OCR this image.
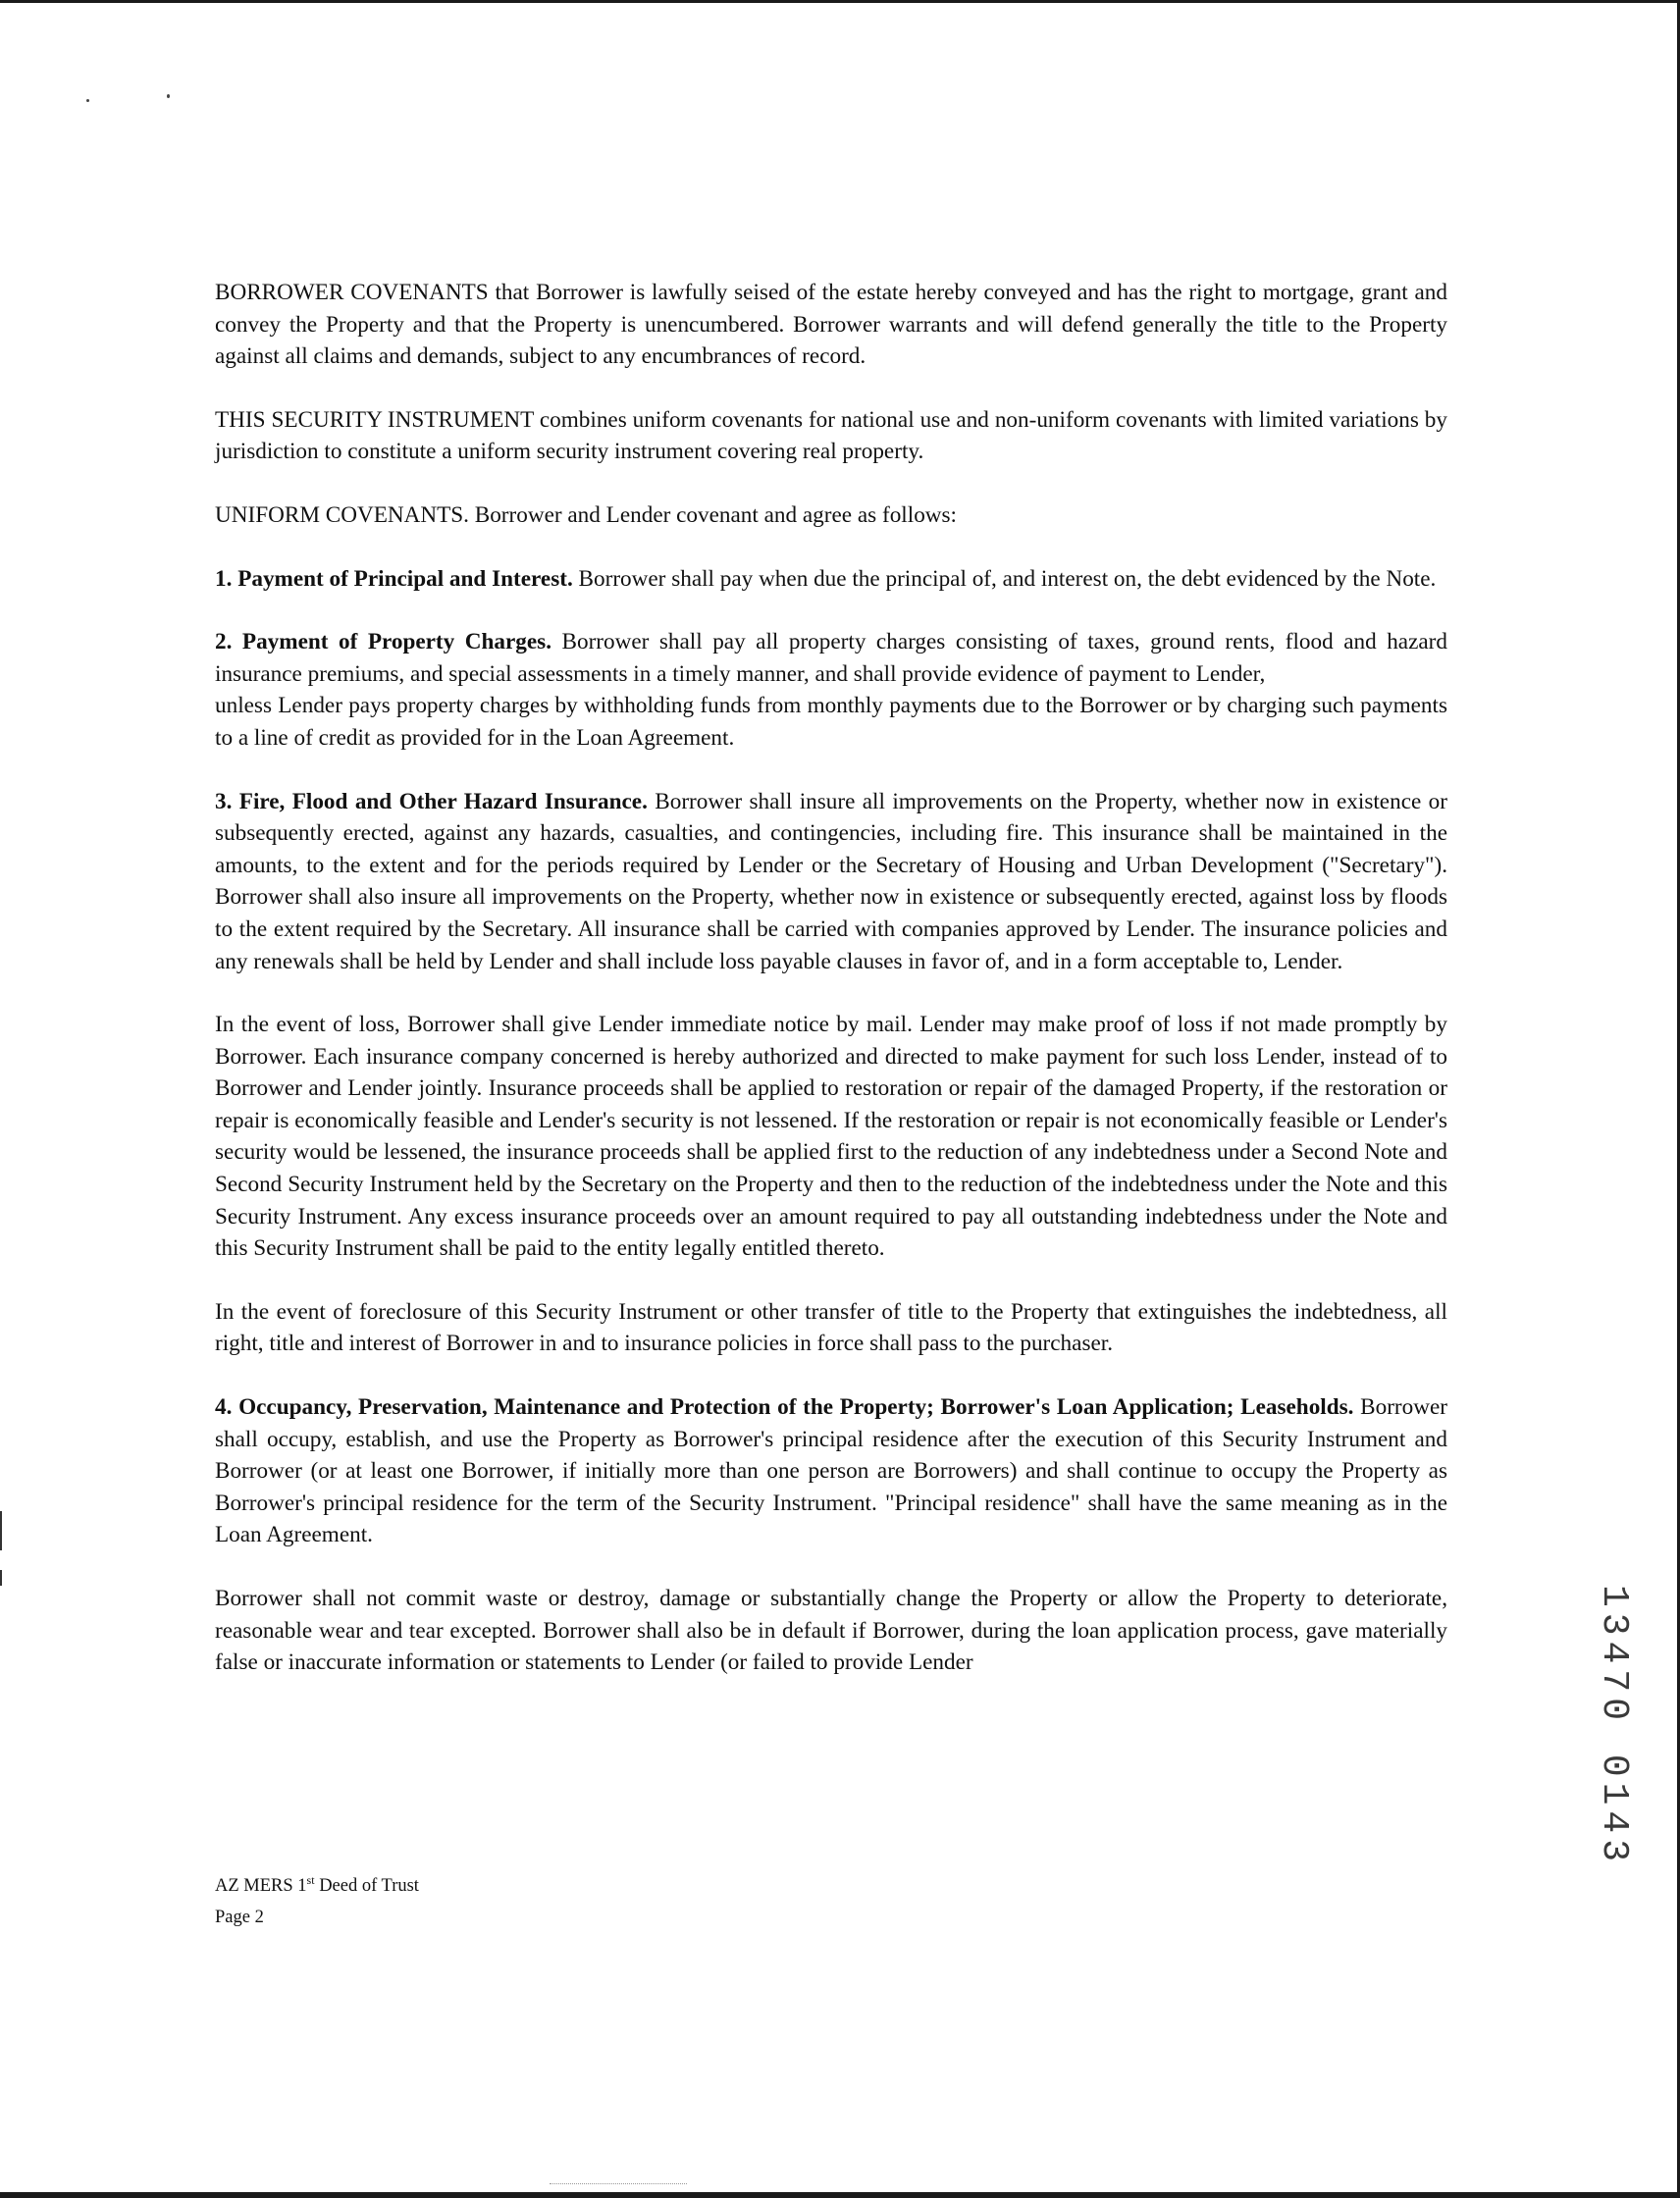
BORROWER COVENANTS that Borrower is lawfully seised of the estate hereby conveyed and has the right to mortgage, grant and convey the Property and that the Property is unencumbered. Borrower warrants and will defend generally the title to the Property against all claims and demands, subject to any encumbrances of record.

THIS SECURITY INSTRUMENT combines uniform covenants for national use and non-uniform covenants with limited variations by jurisdiction to constitute a uniform security instrument covering real property.

UNIFORM COVENANTS. Borrower and Lender covenant and agree as follows:

1. Payment of Principal and Interest. Borrower shall pay when due the principal of, and interest on, the debt evidenced by the Note.

2. Payment of Property Charges. Borrower shall pay all property charges consisting of taxes, ground rents, flood and hazard insurance premiums, and special assessments in a timely manner, and shall provide evidence of payment to Lender,

unless Lender pays property charges by withholding funds from monthly payments due to the Borrower or by charging such payments to a line of credit as provided for in the Loan Agreement.

3. Fire, Flood and Other Hazard Insurance. Borrower shall insure all improvements on the Property, whether now in existence or subsequently erected, against any hazards, casualties, and contingencies, including fire. This insurance shall be maintained in the amounts, to the extent and for the periods required by Lender or the Secretary of Housing and Urban Development ("Secretary"). Borrower shall also insure all improvements on the Property, whether now in existence or subsequently erected, against loss by floods to the extent required by the Secretary. All insurance shall be carried with companies approved by Lender. The insurance policies and any renewals shall be held by Lender and shall include loss payable clauses in favor of, and in a form acceptable to, Lender.

In the event of loss, Borrower shall give Lender immediate notice by mail. Lender may make proof of loss if not made promptly by Borrower. Each insurance company concerned is hereby authorized and directed to make payment for such loss Lender, instead of to Borrower and Lender jointly. Insurance proceeds shall be applied to restoration or repair of the damaged Property, if the restoration or repair is economically feasible and Lender's security is not lessened. If the restoration or repair is not economically feasible or Lender's security would be lessened, the insurance proceeds shall be applied first to the reduction of any indebtedness under a Second Note and Second Security Instrument held by the Secretary on the Property and then to the reduction of the indebtedness under the Note and this Security Instrument. Any excess insurance proceeds over an amount required to pay all outstanding indebtedness under the Note and this Security Instrument shall be paid to the entity legally entitled thereto.

In the event of foreclosure of this Security Instrument or other transfer of title to the Property that extinguishes the indebtedness, all right, title and interest of Borrower in and to insurance policies in force shall pass to the purchaser.

4. Occupancy, Preservation, Maintenance and Protection of the Property; Borrower's Loan Application; Leaseholds. Borrower shall occupy, establish, and use the Property as Borrower's principal residence after the execution of this Security Instrument and Borrower (or at least one Borrower, if initially more than one person are Borrowers) and shall continue to occupy the Property as Borrower's principal residence for the term of the Security Instrument. "Principal residence" shall have the same meaning as in the Loan Agreement.

Borrower shall not commit waste or destroy, damage or substantially change the Property or allow the Property to deteriorate, reasonable wear and tear excepted. Borrower shall also be in default if Borrower, during the loan application process, gave materially false or inaccurate information or statements to Lender (or failed to provide Lender

AZ MERS 1st Deed of Trust
Page 2
13470 0143
